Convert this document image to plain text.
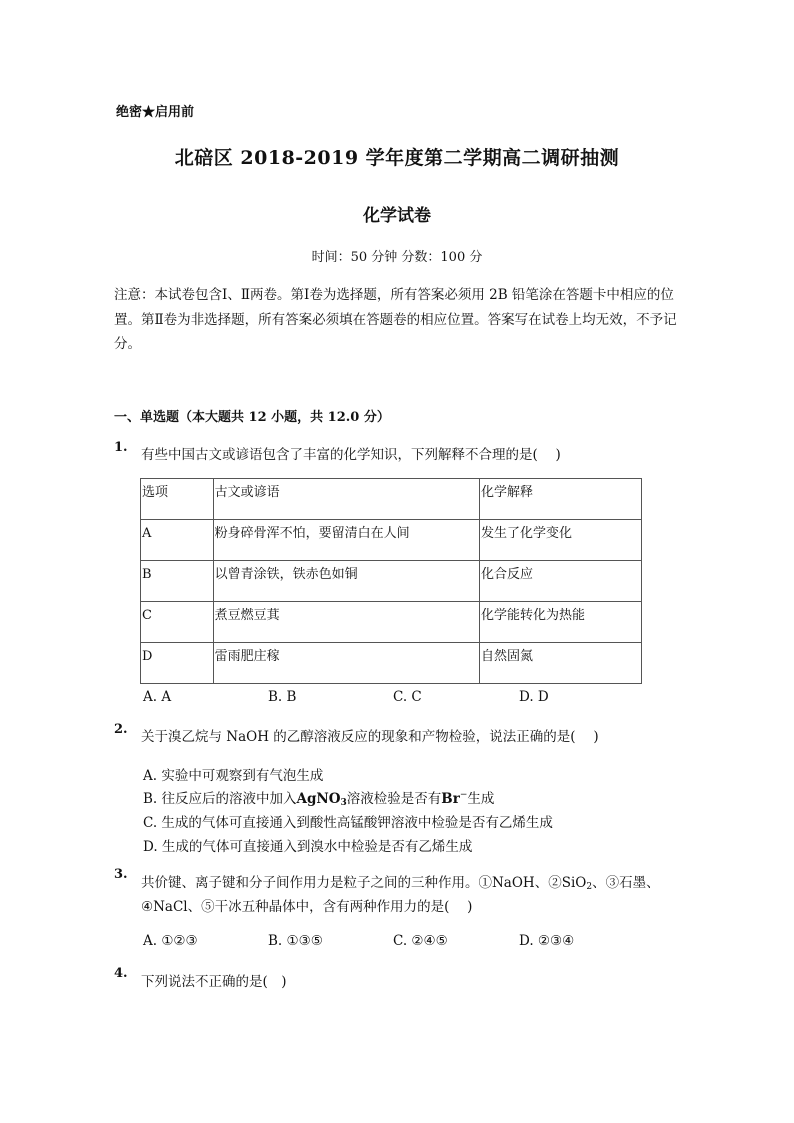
绝密★启用前
北碚区 2018-2019 学年度第二学期高二调研抽测
化学试卷
时间：50 分钟 分数：100 分
注意：本试卷包含Ⅰ、Ⅱ两卷。第Ⅰ卷为选择题，所有答案必须用 2B 铅笔涂在答题卡中相应的位置。第Ⅱ卷为非选择题，所有答案必须填在答题卷的相应位置。答案写在试卷上均无效，不予记分。
一、单选题（本大题共 12 小题，共 12.0 分）
1. 有些中国古文或谚语包含了丰富的化学知识，下列解释不合理的是(　 )
选项	古文或谚语	化学解释
A	粉身碎骨浑不怕，要留清白在人间	发生了化学变化
B	以曾青涂铁，铁赤色如铜	化合反应
C	煮豆燃豆萁	化学能转化为热能
D	雷雨肥庄稼	自然固氮
A. A	B. B	C. C	D. D
2. 关于溴乙烷与 NaOH 的乙醇溶液反应的现象和产物检验，说法正确的是(　 )
A. 实验中可观察到有气泡生成
B. 往反应后的溶液中加入AgNO$_3$溶液检验是否有Br−生成
C. 生成的气体可直接通入到酸性高锰酸钾溶液中检验是否有乙烯生成
D. 生成的气体可直接通入到溴水中检验是否有乙烯生成
3.
共价键、离子键和分子间作用力是粒子之间的三种作用。①NaOH、②SiO$_2$、③石墨、
④NaCl、⑤干冰五种晶体中，含有两种作用力的是(　 )
A. ①②③	B. ①③⑤	C. ②④⑤	D. ②③④
4.
下列说法不正确的是(　)
